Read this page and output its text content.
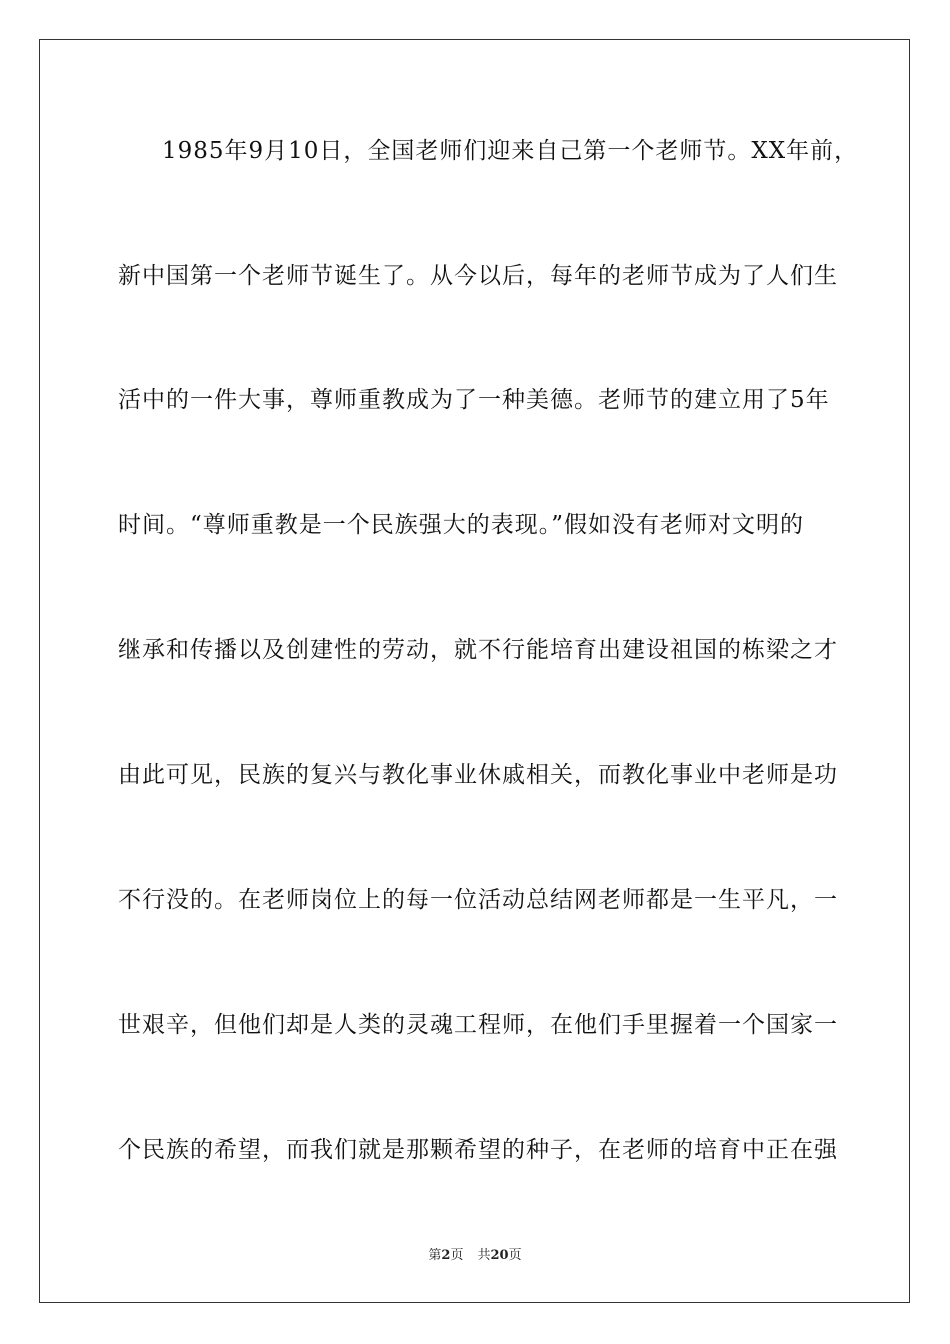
1985年9月10日，全国老师们迎来自己第一个老师节。XX年前，
新中国第一个老师节诞生了。从今以后，每年的老师节成为了人们生
活中的一件大事，尊师重教成为了一种美德。老师节的建立用了5年
时间。“尊师重教是一个民族强大的表现。”假如没有老师对文明的
继承和传播以及创建性的劳动，就不行能培育出建设祖国的栋梁之才
由此可见，民族的复兴与教化事业休戚相关，而教化事业中老师是功
不行没的。在老师岗位上的每一位活动总结网老师都是一生平凡，一
世艰辛，但他们却是人类的灵魂工程师，在他们手里握着一个国家一
个民族的希望，而我们就是那颗希望的种子，在老师的培育中正在强
第2页 共20页
